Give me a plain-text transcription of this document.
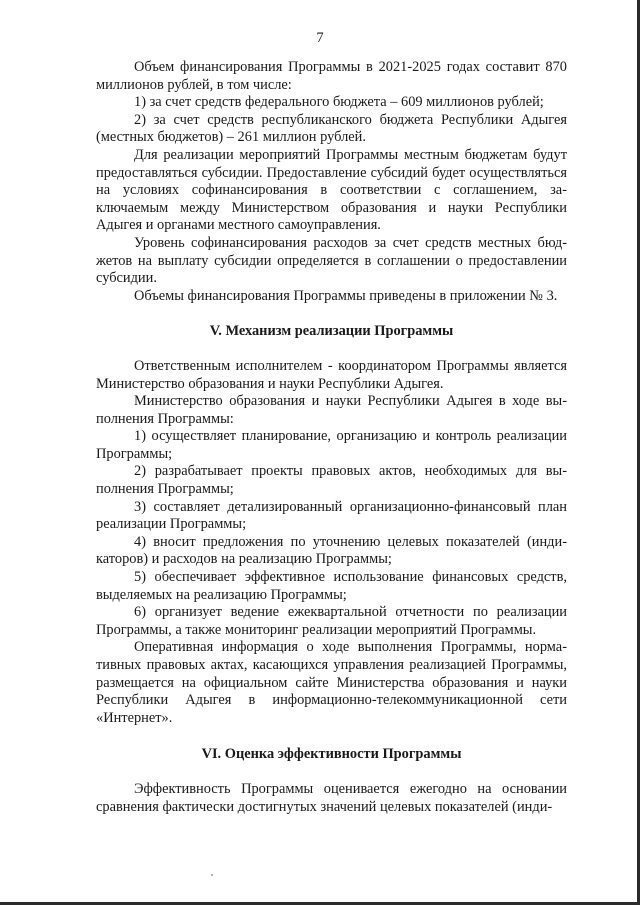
7

Объем финансирования Программы в 2021-2025 годах составит 870 миллионов рублей, в том числе:

1) за счет средств федерального бюджета – 609 миллионов рублей;

2) за счет средств республиканского бюджета Республики Адыгея (местных бюджетов) – 261 миллион рублей.

Для реализации мероприятий Программы местным бюджетам будут предоставляться субсидии. Предоставление субсидий будет осуществляться на условиях софинансирования в соответствии с соглашением, заключаемым между Министерством образования и науки Республики Адыгея и органами местного самоуправления.

Уровень софинансирования расходов за счет средств местных бюджетов на выплату субсидии определяется в соглашении о предоставлении субсидии.

Объемы финансирования Программы приведены в приложении № 3.

V. Механизм реализации Программы

Ответственным исполнителем - координатором Программы является Министерство образования и науки Республики Адыгея.

Министерство образования и науки Республики Адыгея в ходе выполнения Программы:

1) осуществляет планирование, организацию и контроль реализации Программы;

2) разрабатывает проекты правовых актов, необходимых для выполнения Программы;

3) составляет детализированный организационно-финансовый план реализации Программы;

4) вносит предложения по уточнению целевых показателей (индикаторов) и расходов на реализацию Программы;

5) обеспечивает эффективное использование финансовых средств, выделяемых на реализацию Программы;

6) организует ведение ежеквартальной отчетности по реализации Программы, а также мониторинг реализации мероприятий Программы.

Оперативная информация о ходе выполнения Программы, нормативных правовых актах, касающихся управления реализацией Программы, размещается на официальном сайте Министерства образования и науки Республики Адыгея в информационно-телекоммуникационной сети «Интернет».

VI. Оценка эффективности Программы

Эффективность Программы оценивается ежегодно на основании сравнения фактически достигнутых значений целевых показателей (инди-
